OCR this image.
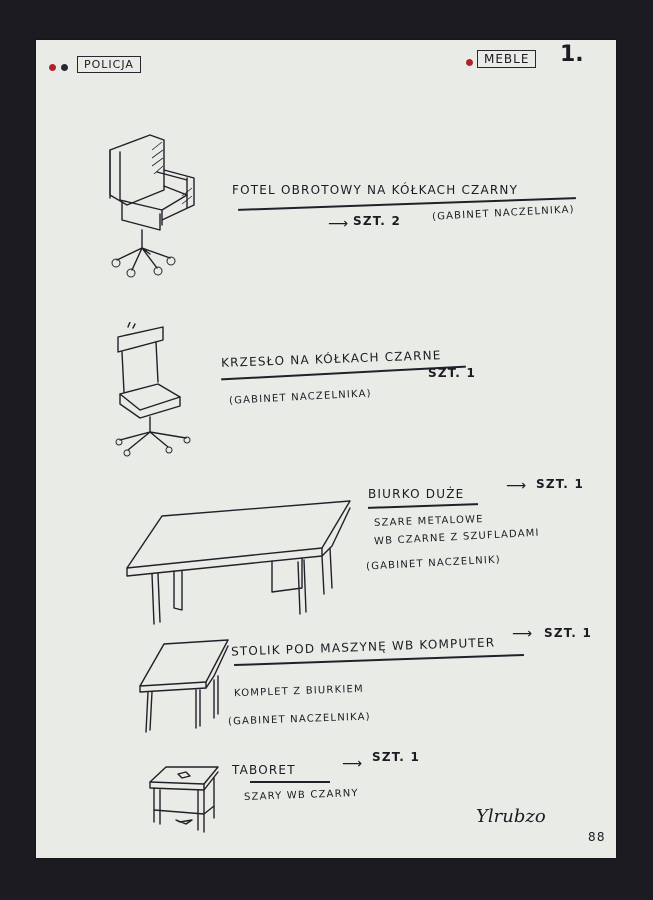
POLICJA	MEBLE	1.
FOTEL OBROTOWY NA KÓŁKACH CZARNY
⟶ SZT. 2	(GABINET NACZELNIKA)
KRZESŁO NA KÓŁKACH CZARNE
SZT. 1
(GABINET NACZELNIKA)
BIURKO DUŻE	⟶ SZT. 1
SZARE METALOWE
WB CZARNE Z SZUFLADAMI
(GABINET NACZELNIK)
STOLIK POD MASZYNĘ WB KOMPUTER
⟶ SZT. 1
KOMPLET Z BIURKIEM
(GABINET NACZELNIKA)
TABORET	⟶ SZT. 1
SZARY WB CZARNY
Ylrubzo
88
